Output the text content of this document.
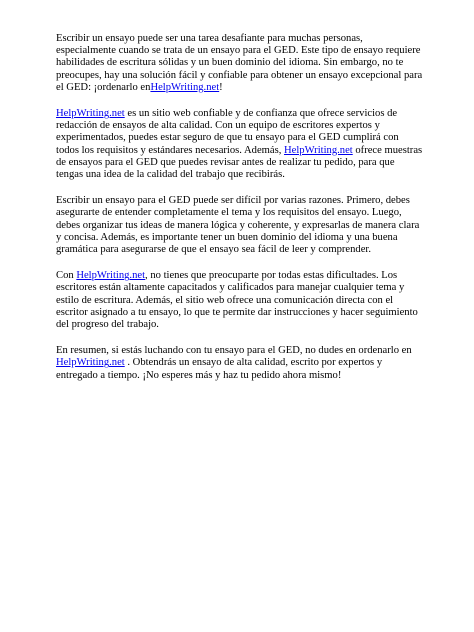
Escribir un ensayo puede ser una tarea desafiante para muchas personas, especialmente cuando se trata de un ensayo para el GED. Este tipo de ensayo requiere habilidades de escritura sólidas y un buen dominio del idioma. Sin embargo, no te preocupes, hay una solución fácil y confiable para obtener un ensayo excepcional para el GED: ¡ordenarlo enHelpWriting.net!

HelpWriting.net es un sitio web confiable y de confianza que ofrece servicios de redacción de ensayos de alta calidad. Con un equipo de escritores expertos y experimentados, puedes estar seguro de que tu ensayo para el GED cumplirá con todos los requisitos y estándares necesarios. Además, HelpWriting.net ofrece muestras de ensayos para el GED que puedes revisar antes de realizar tu pedido, para que tengas una idea de la calidad del trabajo que recibirás.

Escribir un ensayo para el GED puede ser difícil por varias razones. Primero, debes asegurarte de entender completamente el tema y los requisitos del ensayo. Luego, debes organizar tus ideas de manera lógica y coherente, y expresarlas de manera clara y concisa. Además, es importante tener un buen dominio del idioma y una buena gramática para asegurarse de que el ensayo sea fácil de leer y comprender.

Con HelpWriting.net, no tienes que preocuparte por todas estas dificultades. Los escritores están altamente capacitados y calificados para manejar cualquier tema y estilo de escritura. Además, el sitio web ofrece una comunicación directa con el escritor asignado a tu ensayo, lo que te permite dar instrucciones y hacer seguimiento del progreso del trabajo.

En resumen, si estás luchando con tu ensayo para el GED, no dudes en ordenarlo en HelpWriting.net . Obtendrás un ensayo de alta calidad, escrito por expertos y entregado a tiempo. ¡No esperes más y haz tu pedido ahora mismo!
